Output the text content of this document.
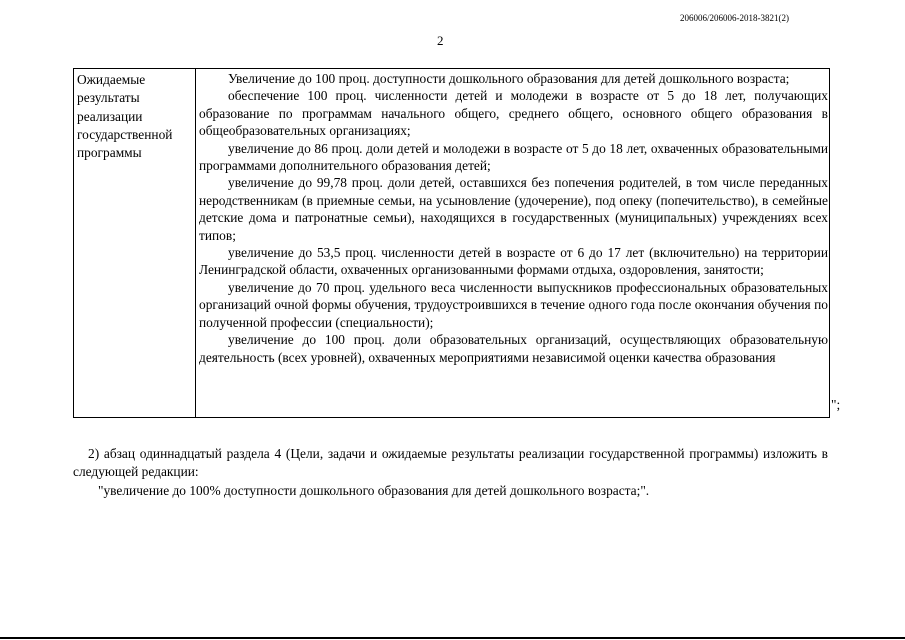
206006/206006-2018-3821(2)
2
Ожидаемые
результаты
реализации
государственной
программы

Увеличение до 100 проц. доступности дошкольного образования для детей дошкольного возраста;
обеспечение 100 проц. численности детей и молодежи в возрасте от 5 до 18 лет, получающих образование по программам начального общего, среднего общего, основного общего образования в общеобразовательных организациях;
увеличение до 86 проц. доли детей и молодежи в возрасте от 5 до 18 лет, охваченных образовательными программами дополнительного образования детей;
увеличение до 99,78 проц. доли детей, оставшихся без попечения родителей, в том числе переданных неродственникам (в приемные семьи, на усыновление (удочерение), под опеку (попечительство), в семейные детские дома и патронатные семьи), находящихся в государственных (муниципальных) учреждениях всех типов;
увеличение до 53,5 проц. численности детей в возрасте от 6 до 17 лет (включительно) на территории Ленинградской области, охваченных организованными формами отдыха, оздоровления, занятости;
увеличение до 70 проц. удельного веса численности выпускников профессиональных образовательных организаций очной формы обучения, трудоустроившихся в течение одного года после окончания обучения по полученной профессии (специальности);
увеличение до 100 проц. доли образовательных организаций, осуществляющих образовательную деятельность (всех уровней), охваченных мероприятиями независимой оценки качества образования
";
2) абзац одиннадцатый раздела 4 (Цели, задачи и ожидаемые результаты реализации государственной программы) изложить в следующей редакции:
"увеличение до 100% доступности дошкольного образования для детей дошкольного возраста;".
